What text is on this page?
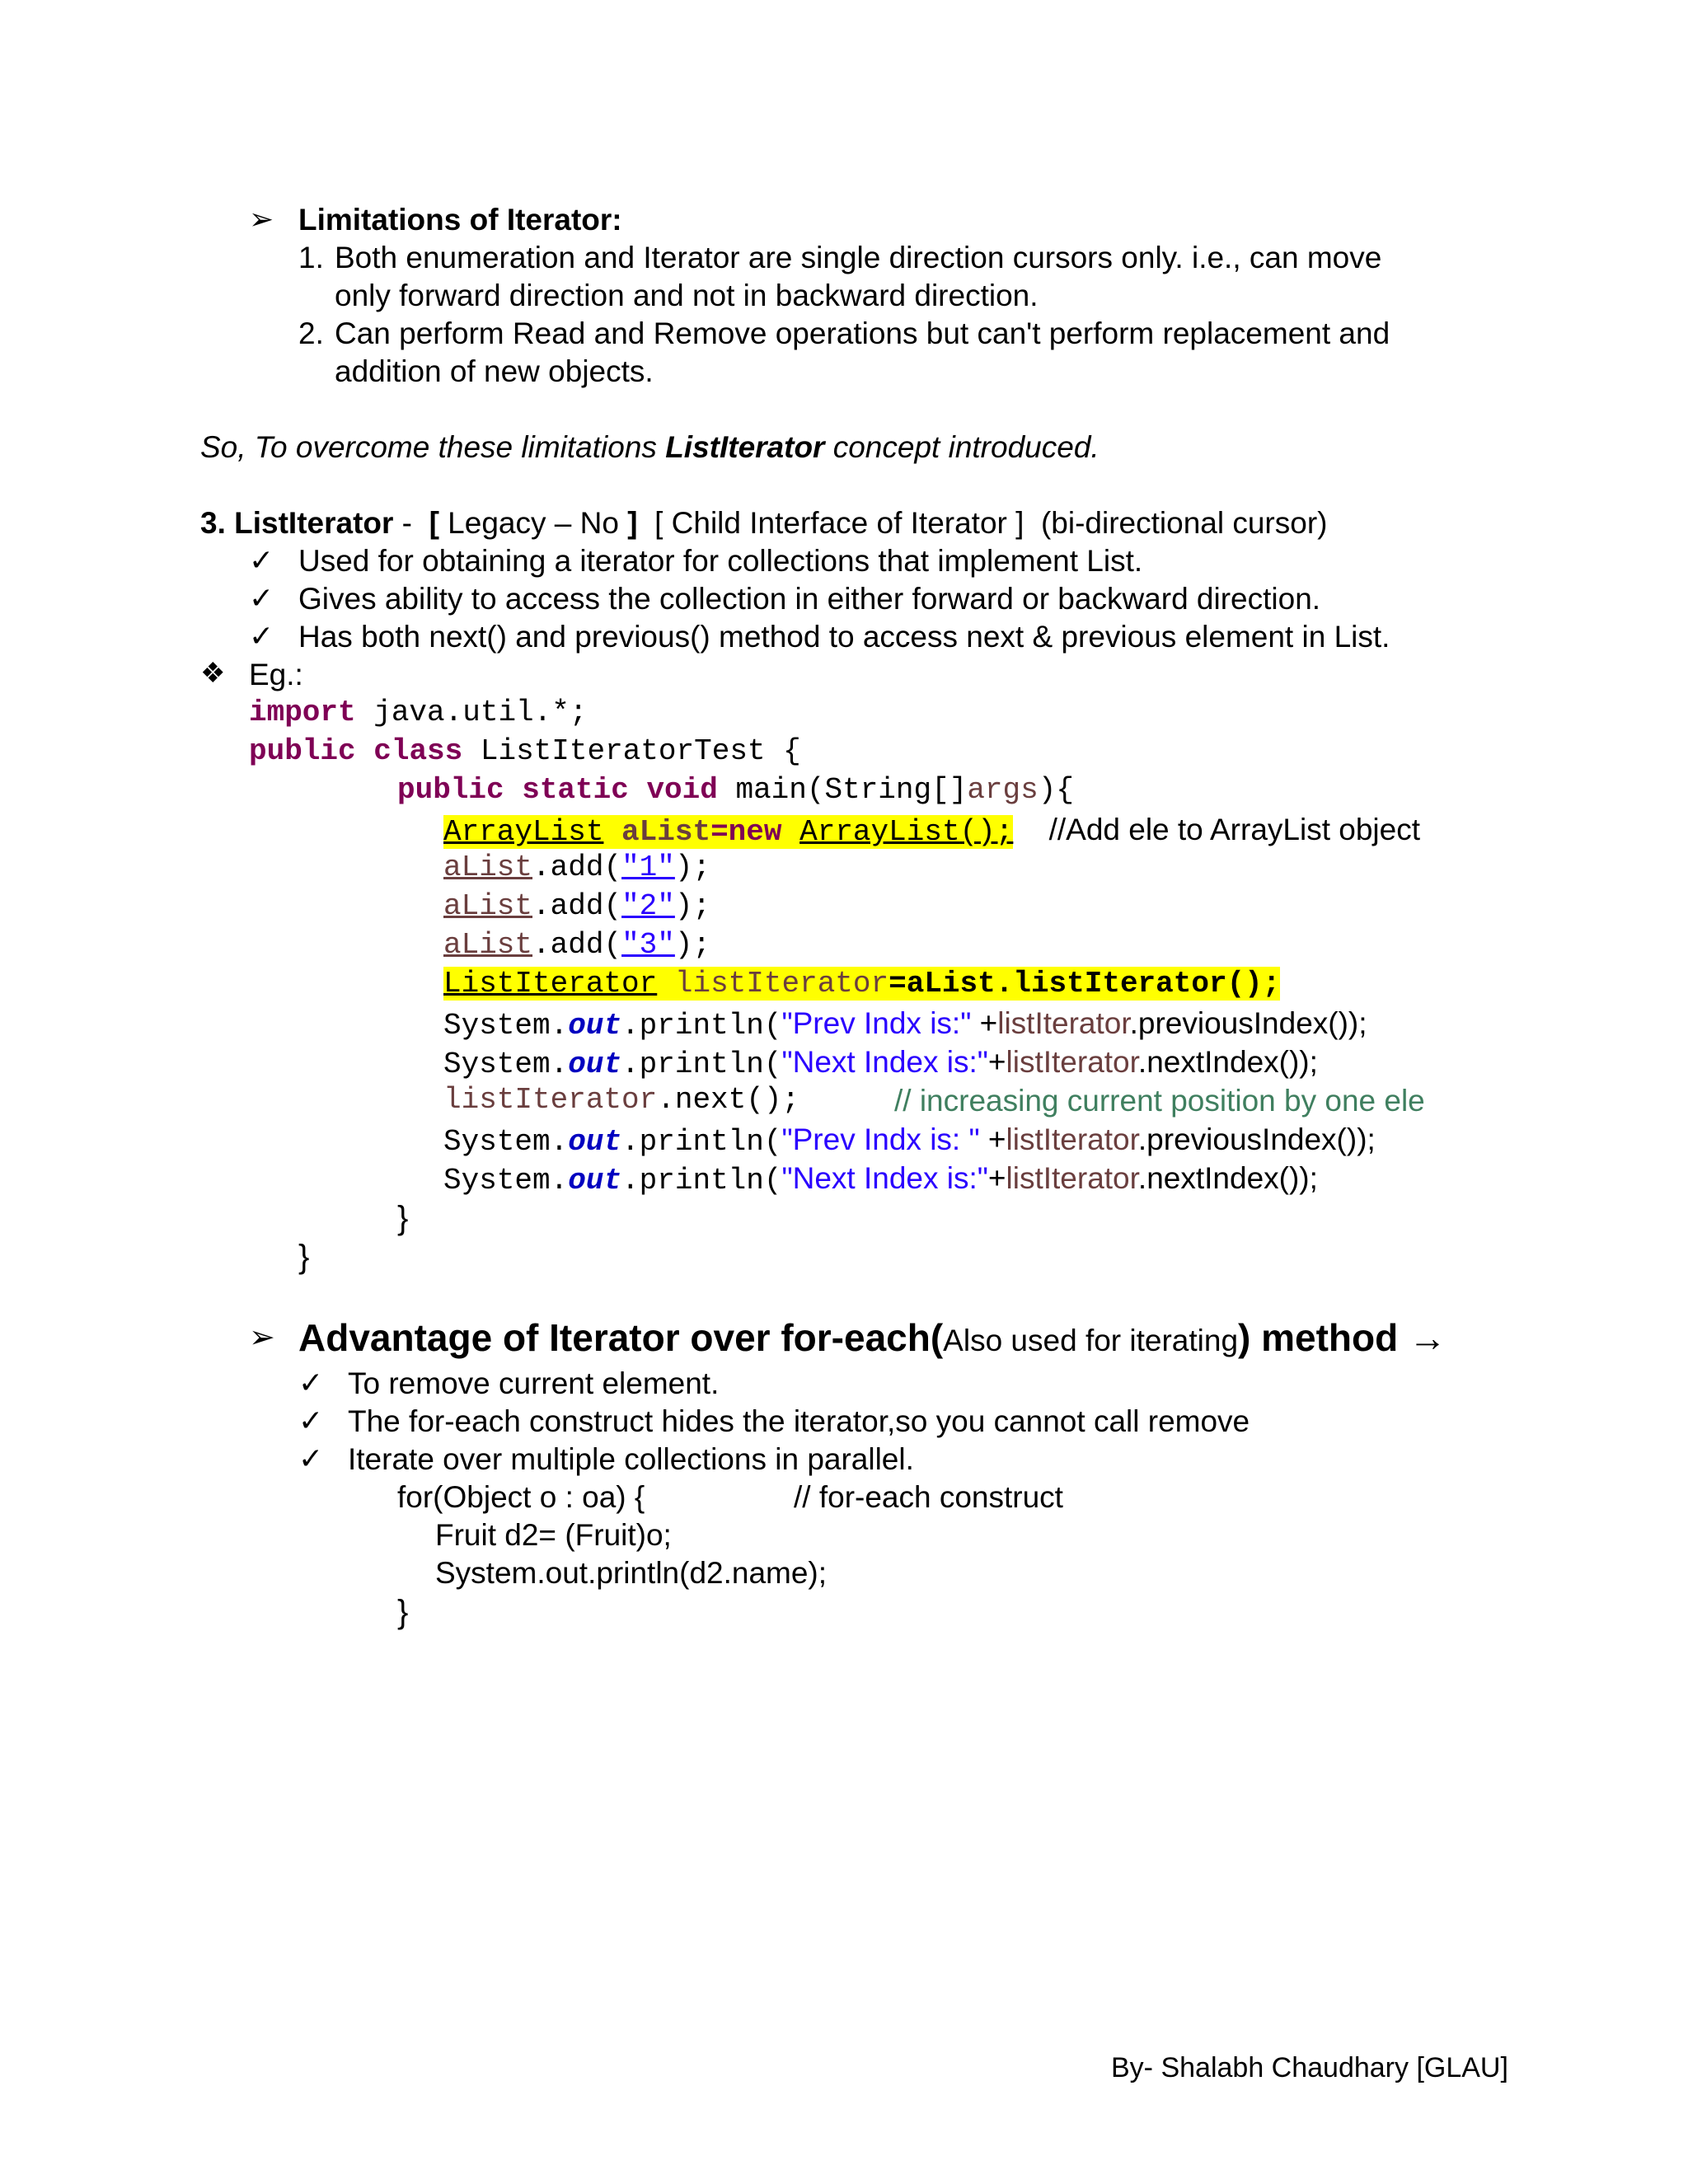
➢ Limitations of Iterator:
1. Both enumeration and Iterator are single direction cursors only. i.e., can move
only forward direction and not in backward direction.
2. Can perform Read and Remove operations but can't perform replacement and
addition of new objects.
So, To overcome these limitations ListIterator concept introduced.
3. ListIterator -  [ Legacy – No ]  [ Child Interface of Iterator ]  (bi-directional cursor)
✓ Used for obtaining a iterator for collections that implement List.
✓ Gives ability to access the collection in either forward or backward direction.
✓ Has both next() and previous() method to access next & previous element in List.
❖ Eg.:
import java.util.*;
public class ListIteratorTest {
public static void main(String[]args){
ArrayList aList=new ArrayList(); //Add ele to ArrayList object
aList.add("1");
aList.add("2");
aList.add("3");
ListIterator listIterator=aList.listIterator();
System.out.println("Prev Indx is:" +listIterator.previousIndex());
System.out.println("Next Index is:"+listIterator.nextIndex());
listIterator.next();	// increasing current position by one ele
System.out.println("Prev Indx is: " +listIterator.previousIndex());
System.out.println("Next Index is:"+listIterator.nextIndex());
}
}
➢ Advantage of Iterator over for-each(Also used for iterating) method →
✓ To remove current element.
✓ The for-each construct hides the iterator,so you cannot call remove
✓ Iterate over multiple collections in parallel.
for(Object o : oa) {	// for-each construct
Fruit d2= (Fruit)o;
System.out.println(d2.name);
}
By- Shalabh Chaudhary [GLAU]
